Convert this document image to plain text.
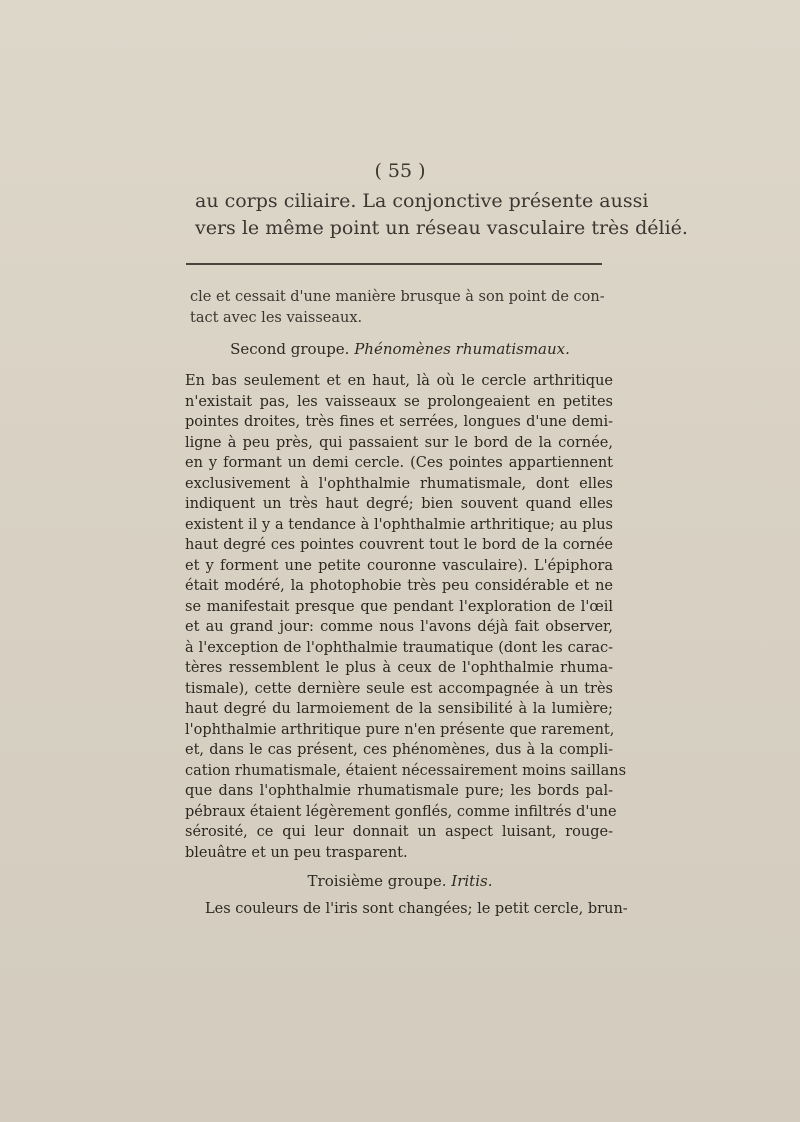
( 55 )
au corps ciliaire. La conjonctive présente aussi
vers le même point un réseau vasculaire très délié.
cle et cessait d'une manière brusque à son point de con-
tact avec les vaisseaux.
Second groupe. Phénomènes rhumatismaux.
En bas seulement et en haut, là où le cercle arthritique
n'existait pas, les vaisseaux se prolongeaient en petites
pointes droites, très fines et serrées, longues d'une demi-
ligne à peu près, qui passaient sur le bord de la cornée,
en y formant un demi cercle. (Ces pointes appartiennent
exclusivement à l'ophthalmie rhumatismale, dont elles
indiquent un très haut degré; bien souvent quand elles
existent il y a tendance à l'ophthalmie arthritique; au plus
haut degré ces pointes couvrent tout le bord de la cornée
et y forment une petite couronne vasculaire). L'épiphora
était modéré, la photophobie très peu considérable et ne
se manifestait presque que pendant l'exploration de l'œil
et au grand jour: comme nous l'avons déjà fait observer,
à l'exception de l'ophthalmie traumatique (dont les carac-
tères ressemblent le plus à ceux de l'ophthalmie rhuma-
tismale), cette dernière seule est accompagnée à un très
haut degré du larmoiement de la sensibilité à la lumière;
l'ophthalmie arthritique pure n'en présente que rarement,
et, dans le cas présent, ces phénomènes, dus à la compli-
cation rhumatismale, étaient nécessairement moins saillans
que dans l'ophthalmie rhumatismale pure; les bords pal-
pébraux étaient légèrement gonflés, comme infiltrés d'une
sérosité, ce qui leur donnait un aspect luisant, rouge-
bleuâtre et un peu trasparent.
Troisième groupe. Iritis.
Les couleurs de l'iris sont changées; le petit cercle, brun-
